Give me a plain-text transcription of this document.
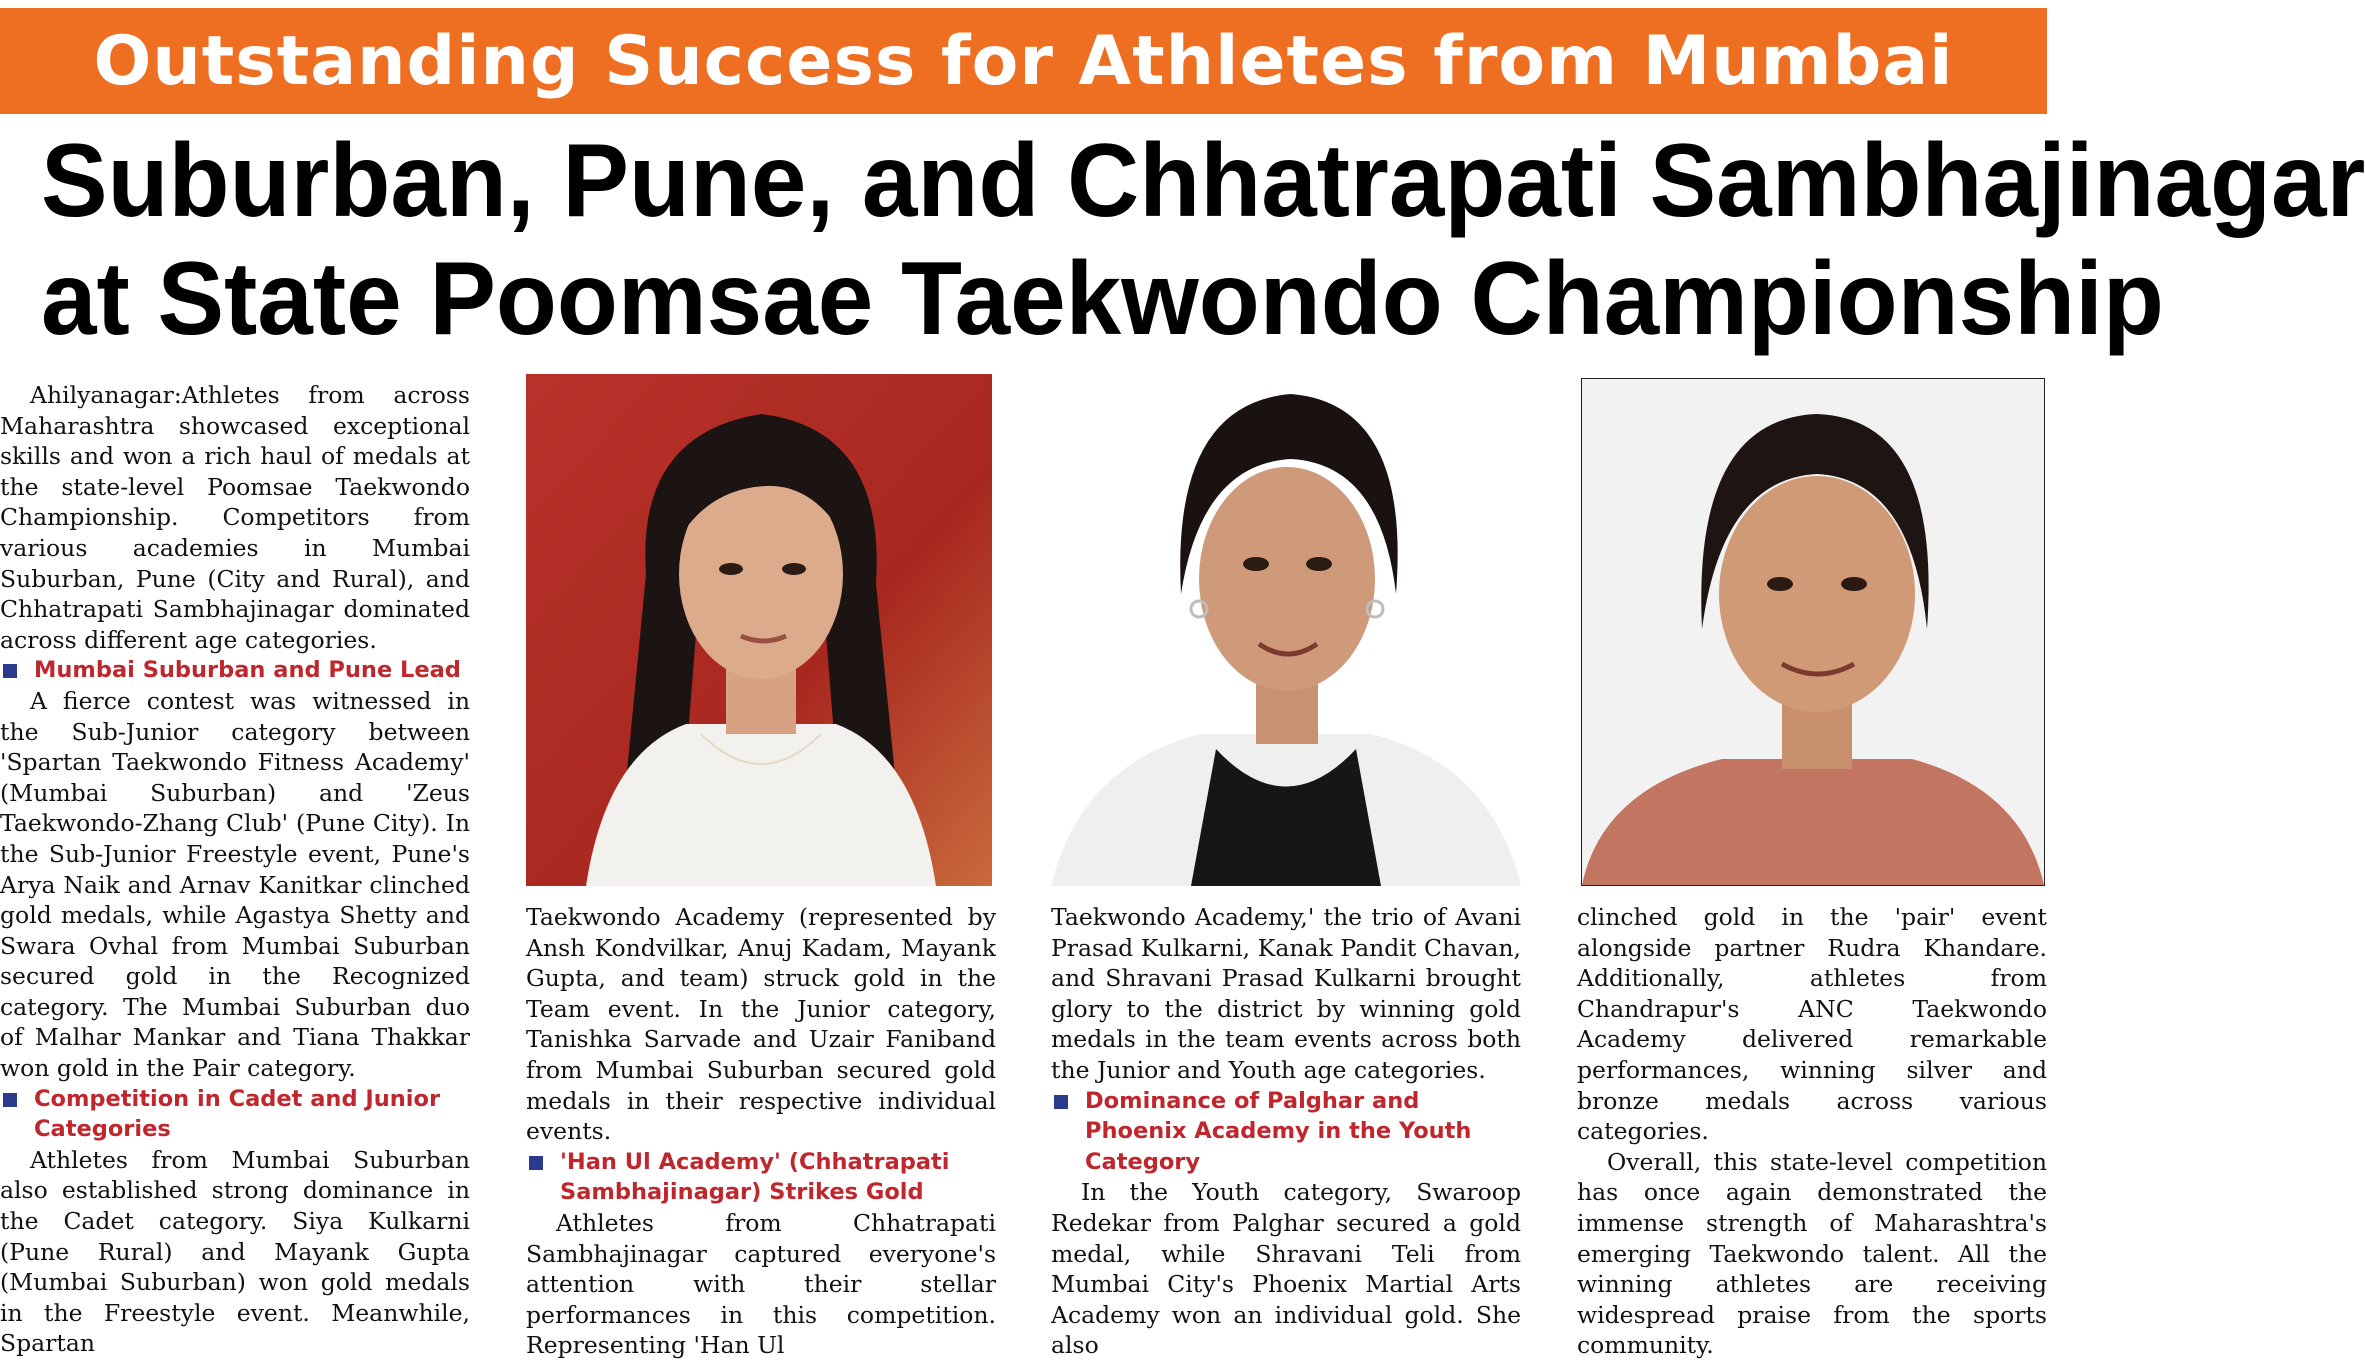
Outstanding Success for Athletes from Mumbai
Suburban, Pune, and Chhatrapati Sambhajinagar
at State Poomsae Taekwondo Championship

Ahilyanagar:Athletes from across Maharashtra showcased exceptional skills and won a rich haul of medals at the state-level Poomsae Taekwondo Championship. Competitors from various academies in Mumbai Suburban, Pune (City and Rural), and Chhatrapati Sambhajinagar dominated across different age categories.

Mumbai Suburban and Pune Lead

A fierce contest was witnessed in the Sub-Junior category between 'Spartan Taekwondo Fitness Academy' (Mumbai Suburban) and 'Zeus Taekwondo-Zhang Club' (Pune City). In the Sub-Junior Freestyle event, Pune's Arya Naik and Arnav Kanitkar clinched gold medals, while Agastya Shetty and Swara Ovhal from Mumbai Suburban secured gold in the Recognized category. The Mumbai Suburban duo of Malhar Mankar and Tiana Thakkar won gold in the Pair category.

Competition in Cadet and Junior Categories

Athletes from Mumbai Suburban also established strong dominance in the Cadet category. Siya Kulkarni (Pune Rural) and Mayank Gupta (Mumbai Suburban) won gold medals in the Freestyle event. Meanwhile, Spartan

Taekwondo Academy (represented by Ansh Kondvilkar, Anuj Kadam, Mayank Gupta, and team) struck gold in the Team event. In the Junior category, Tanishka Sarvade and Uzair Faniband from Mumbai Suburban secured gold medals in their respective individual events.

'Han Ul Academy' (Chhatrapati Sambhajinagar) Strikes Gold

Athletes from Chhatrapati Sambhajinagar captured everyone's attention with their stellar performances in this competition. Representing 'Han Ul

Taekwondo Academy,' the trio of Avani Prasad Kulkarni, Kanak Pandit Chavan, and Shravani Prasad Kulkarni brought glory to the district by winning gold medals in the team events across both the Junior and Youth age categories.

Dominance of Palghar and Phoenix Academy in the Youth Category

In the Youth category, Swaroop Redekar from Palghar secured a gold medal, while Shravani Teli from Mumbai City's Phoenix Martial Arts Academy won an individual gold. She also

clinched gold in the 'pair' event alongside partner Rudra Khandare. Additionally, athletes from Chandrapur's ANC Taekwondo Academy delivered remarkable performances, winning silver and bronze medals across various categories.

Overall, this state-level competition has once again demonstrated the immense strength of Maharashtra's emerging Taekwondo talent. All the winning athletes are receiving widespread praise from the sports community.
